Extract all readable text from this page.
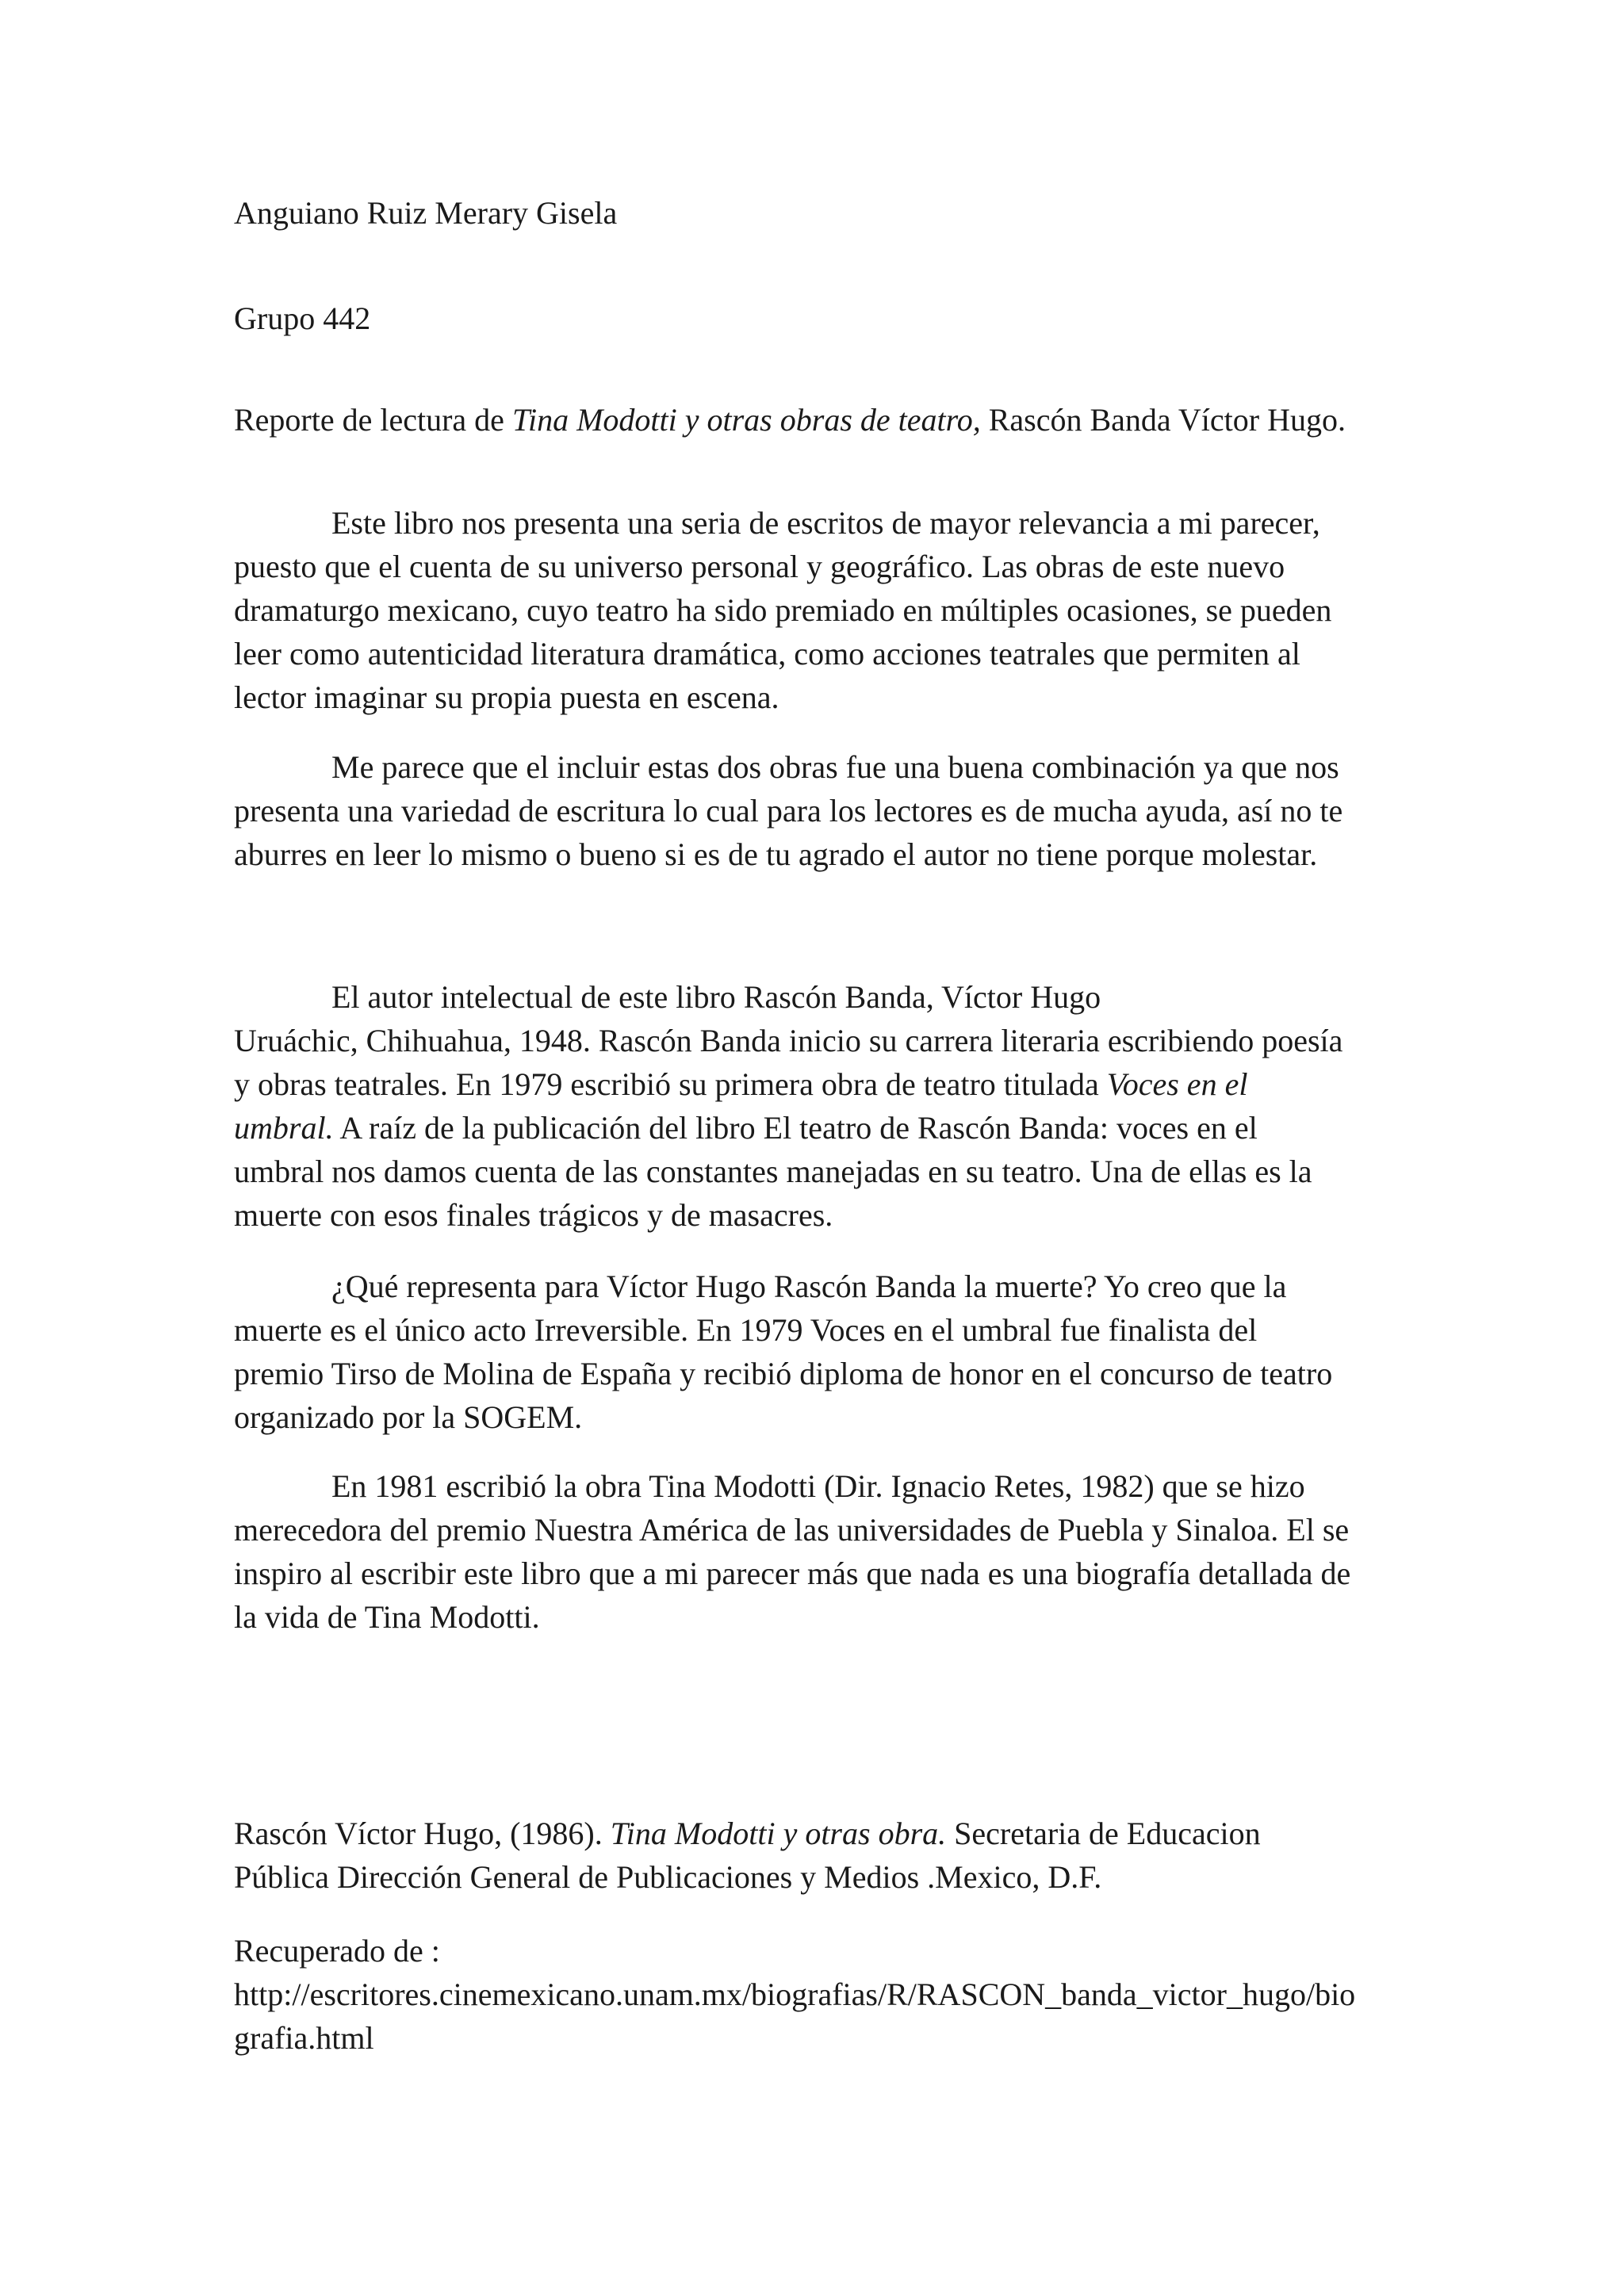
Anguiano Ruiz Merary Gisela

Grupo 442

Reporte de lectura de Tina Modotti y otras obras de teatro, Rascón Banda Víctor Hugo.

Este libro nos presenta una seria de escritos de mayor relevancia a mi parecer,
puesto que el cuenta de su universo personal y geográfico. Las obras de este nuevo
dramaturgo mexicano, cuyo teatro ha sido premiado en múltiples ocasiones, se pueden
leer como autenticidad literatura dramática, como acciones teatrales que permiten al
lector imaginar su propia puesta en escena.

Me parece que el incluir estas dos obras fue una buena combinación ya que nos
presenta una variedad de escritura lo cual para los lectores es de mucha ayuda, así no te
aburres en leer lo mismo o bueno si es de tu agrado el autor no tiene porque molestar.

El autor intelectual de este libro Rascón Banda, Víctor Hugo
Uruáchic, Chihuahua, 1948. Rascón Banda inicio su carrera literaria escribiendo poesía
y obras teatrales. En 1979 escribió su primera obra de teatro titulada Voces en el
umbral. A raíz de la publicación del libro El teatro de Rascón Banda: voces en el
umbral nos damos cuenta de las constantes manejadas en su teatro. Una de ellas es la
muerte con esos finales trágicos y de masacres.

¿Qué representa para Víctor Hugo Rascón Banda la muerte? Yo creo que la
muerte es el único acto Irreversible. En 1979 Voces en el umbral fue finalista del
premio Tirso de Molina de España y recibió diploma de honor en el concurso de teatro
organizado por la SOGEM.

En 1981 escribió la obra Tina Modotti (Dir. Ignacio Retes, 1982) que se hizo
merecedora del premio Nuestra América de las universidades de Puebla y Sinaloa. El se
inspiro al escribir este libro que a mi parecer más que nada es una biografía detallada de
la vida de Tina Modotti.

Rascón Víctor Hugo, (1986). Tina Modotti y otras obra. Secretaria de Educacion
Pública Dirección General de Publicaciones y Medios .Mexico, D.F.

Recuperado de :

http://escritores.cinemexicano.unam.mx/biografias/R/RASCON_banda_victor_hugo/bio

grafia.html
